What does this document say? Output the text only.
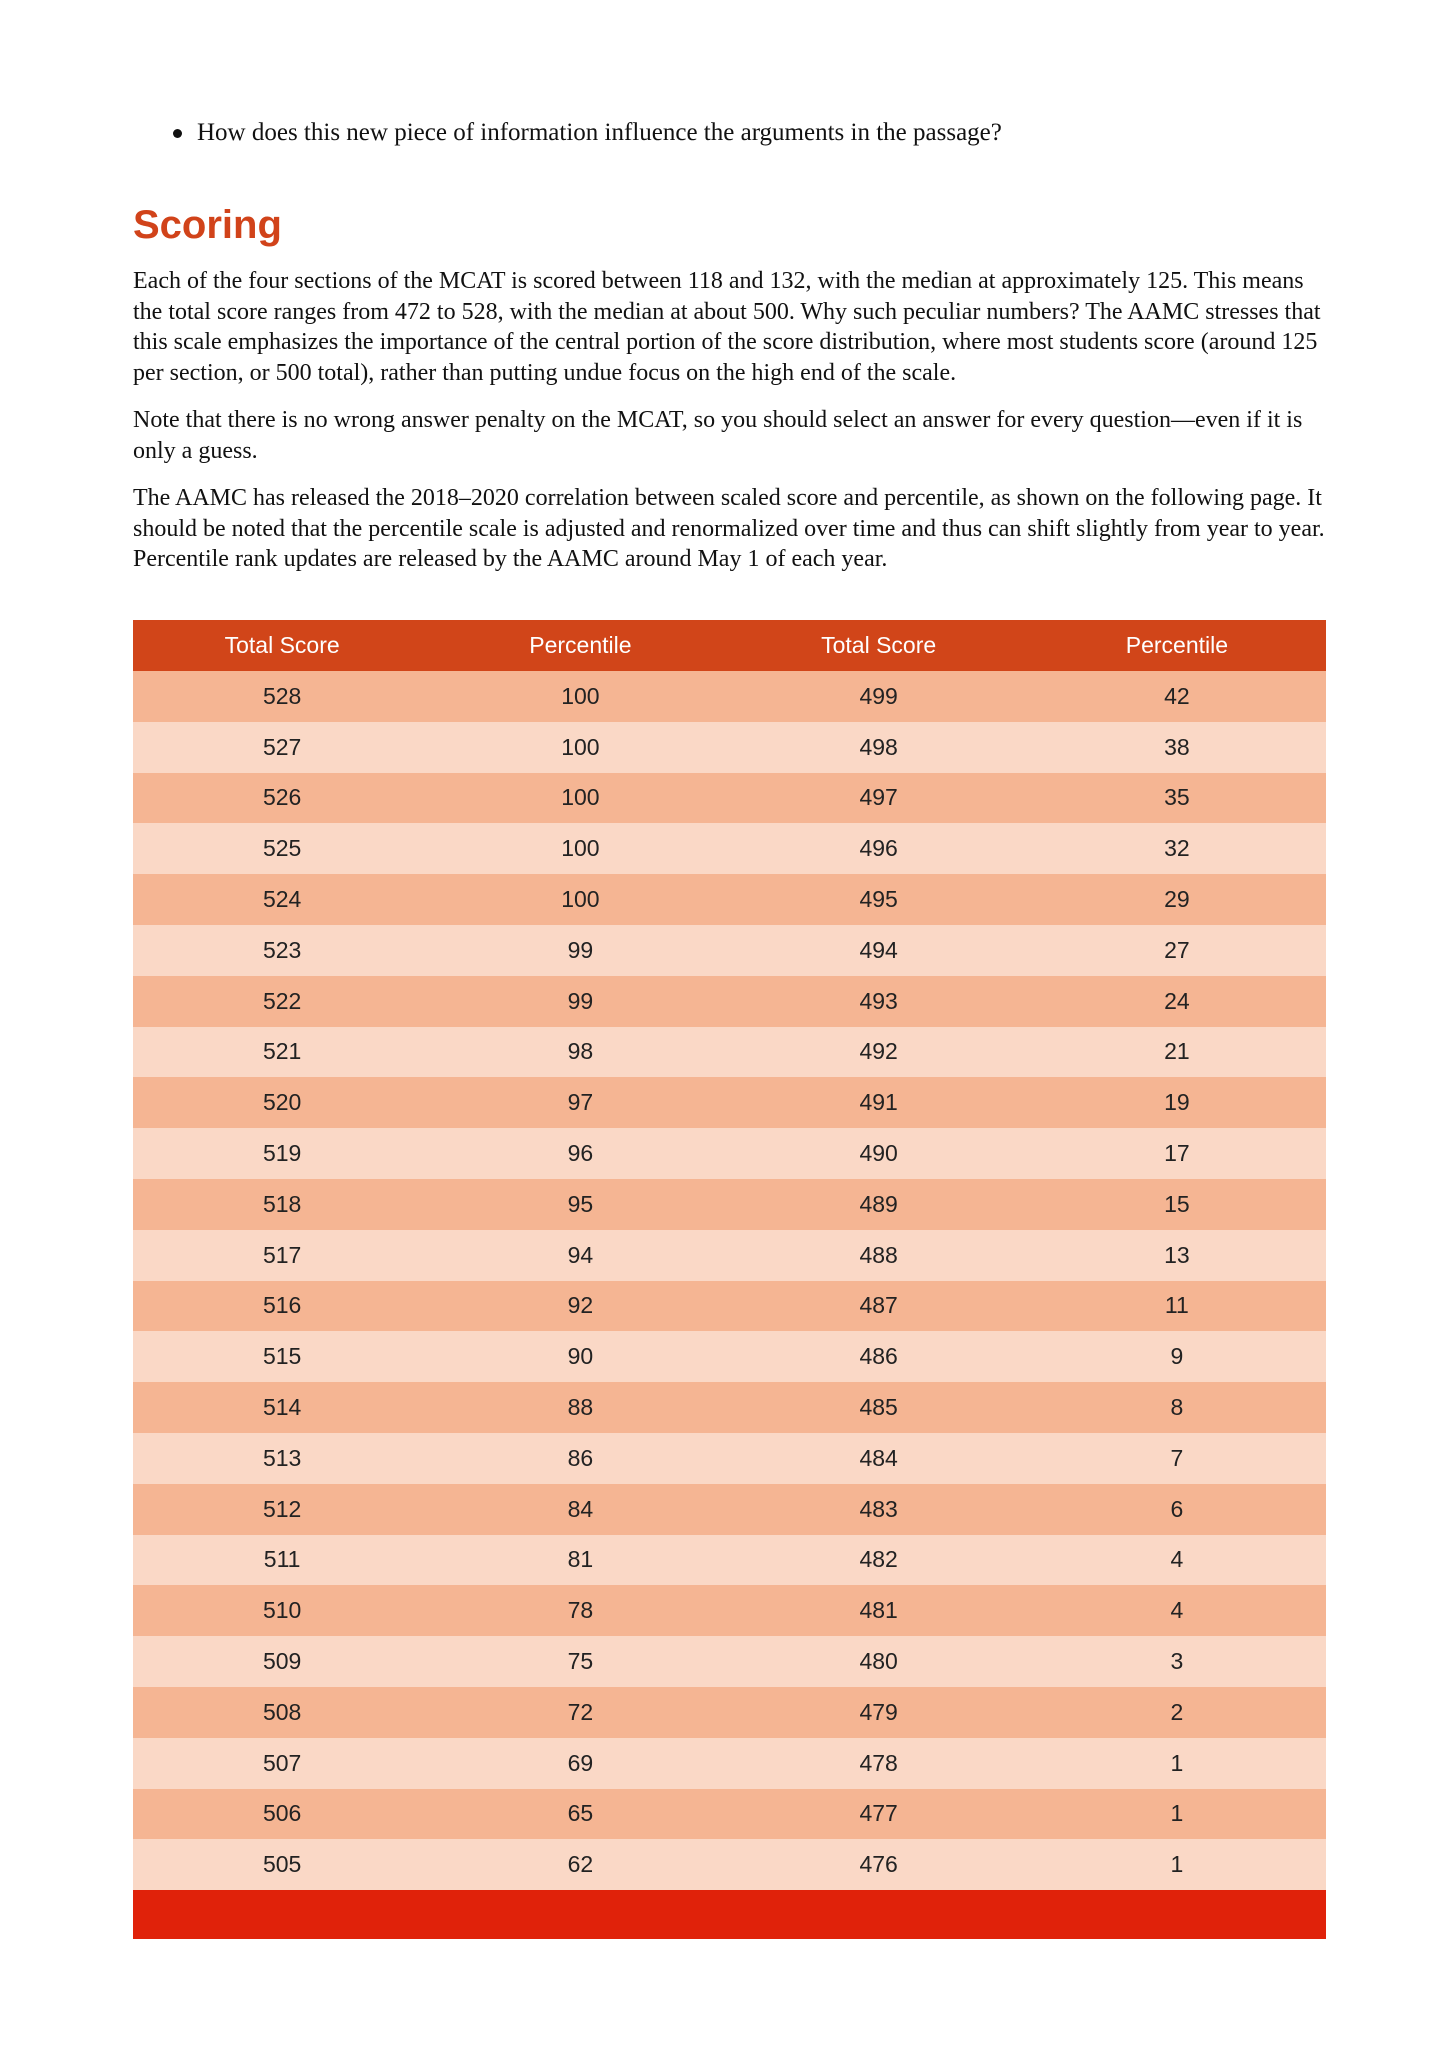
How does this new piece of information influence the arguments in the passage?
Scoring

Each of the four sections of the MCAT is scored between 118 and 132, with the median at approximately 125. This means the total score ranges from 472 to 528, with the median at about 500. Why such peculiar numbers? The AAMC stresses that this scale emphasizes the importance of the central portion of the score distribution, where most students score (around 125 per section, or 500 total), rather than putting undue focus on the high end of the scale.

Note that there is no wrong answer penalty on the MCAT, so you should select an answer for every question—even if it is only a guess.

The AAMC has released the 2018–2020 correlation between scaled score and percentile, as shown on the following page. It should be noted that the percentile scale is adjusted and renormalized over time and thus can shift slightly from year to year. Percentile rank updates are released by the AAMC around May 1 of each year.

Total Score	Percentile	Total Score	Percentile
528	100	499	42
527	100	498	38
526	100	497	35
525	100	496	32
524	100	495	29
523	99	494	27
522	99	493	24
521	98	492	21
520	97	491	19
519	96	490	17
518	95	489	15
517	94	488	13
516	92	487	11
515	90	486	9
514	88	485	8
513	86	484	7
512	84	483	6
511	81	482	4
510	78	481	4
509	75	480	3
508	72	479	2
507	69	478	1
506	65	477	1
505	62	476	1
